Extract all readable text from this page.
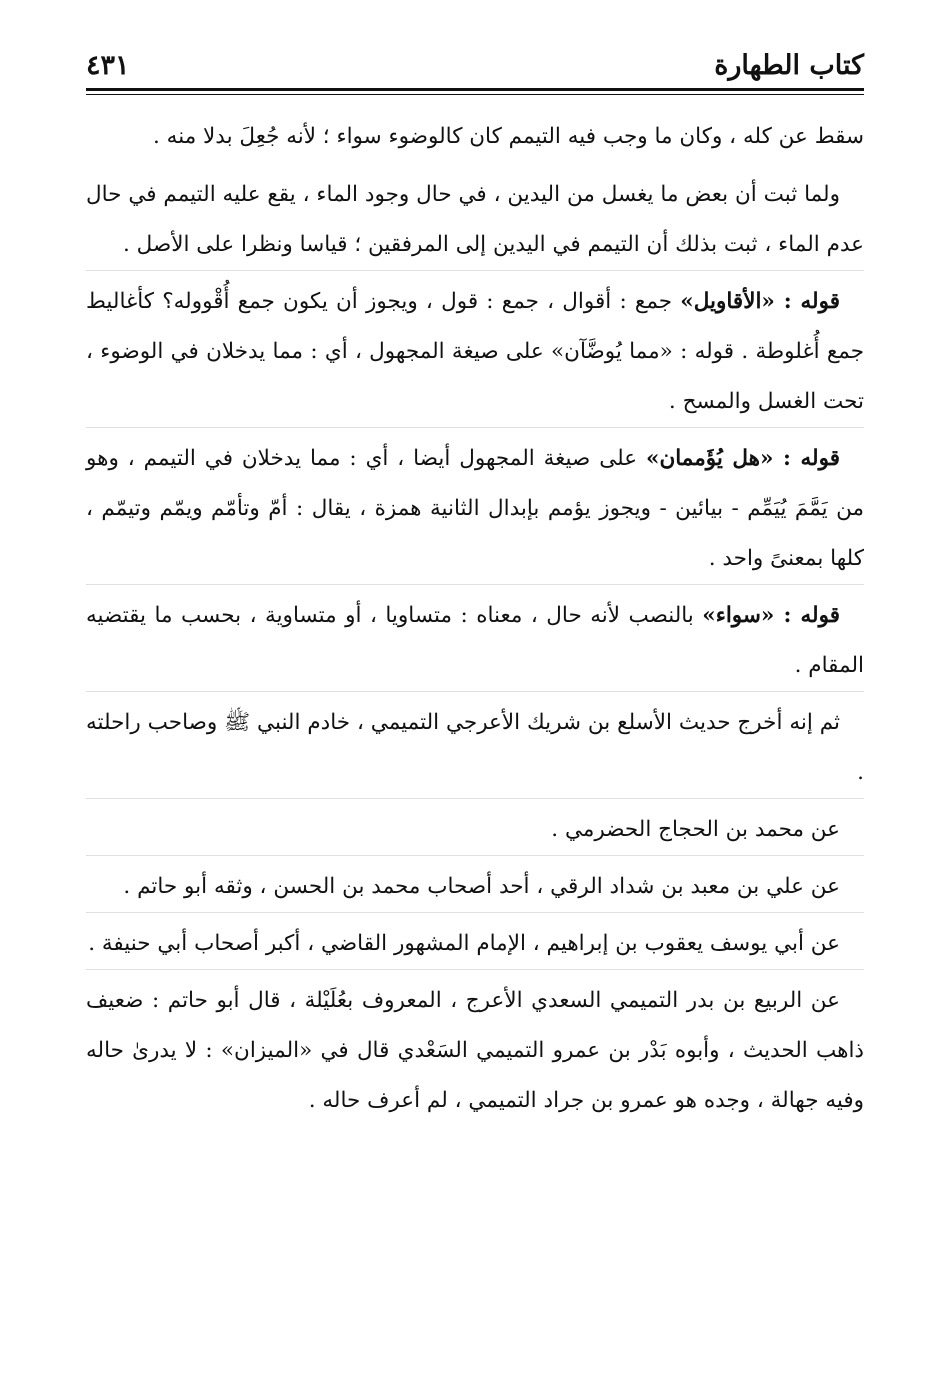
كتاب الطهارة
٤٣١

سقط عن كله ، وكان ما وجب فيه التيمم كان كالوضوء سواء ؛ لأنه جُعِلَ بدلا منه .

ولما ثبت أن بعض ما يغسل من اليدين ، في حال وجود الماء ، يقع عليه التيمم في حال عدم الماء ، ثبت بذلك أن التيمم في اليدين إلى المرفقين ؛ قياسا ونظرا على الأصل .

قوله : «الأقاويل» جمع : أقوال ، جمع : قول ، ويجوز أن يكون جمع أُقْووله؟ كأغاليط جمع أُغلوطة . قوله : «مما يُوضَّآن» على صيغة المجهول ، أي : مما يدخلان في الوضوء ، تحت الغسل والمسح .

قوله : «هل يُؤَممان» على صيغة المجهول أيضا ، أي : مما يدخلان في التيمم ، وهو من يَمَّمَ يُيَمِّم - بيائين - ويجوز يؤمم بإبدال الثانية همزة ، يقال : أمّ وتأمّم ويمّم وتيمّم ، كلها بمعنىً واحد .

قوله : «سواء» بالنصب لأنه حال ، معناه : متساويا ، أو متساوية ، بحسب ما يقتضيه المقام .

ثم إنه أخرج حديث الأسلع بن شريك الأعرجي التميمي ، خادم النبي ﷺ وصاحب راحلته .

عن محمد بن الحجاج الحضرمي .

عن علي بن معبد بن شداد الرقي ، أحد أصحاب محمد بن الحسن ، وثقه أبو حاتم .

عن أبي يوسف يعقوب بن إبراهيم ، الإمام المشهور القاضي ، أكبر أصحاب أبي حنيفة .

عن الربيع بن بدر التميمي السعدي الأعرج ، المعروف بعُلَيْلة ، قال أبو حاتم : ضعيف ذاهب الحديث ، وأبوه بَدْر بن عمرو التميمي السَعْدي قال في «الميزان» : لا يدرىٰ حاله وفيه جهالة ، وجده هو عمرو بن جراد التميمي ، لم أعرف حاله .
